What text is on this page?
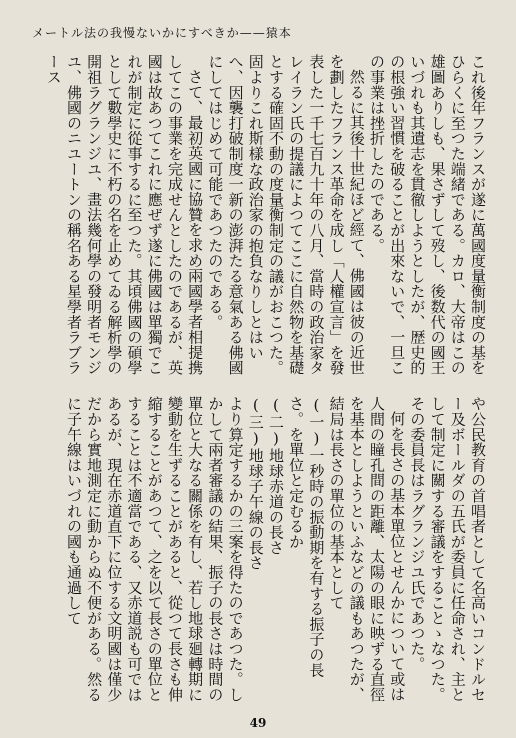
メートル法の我慢ないかにすべきか——猿本

これ後年フランスが遂に萬國度量衡制度の基をひらくに至つた端緒である。カロ、大帝はこの雄圖ありしも、果さずして歿し、後数代の國王いづれも其遺志を貫徹しようとしたが、歴史的の根強い習慣を破ることが出來ないで、一旦この事業は挫折したのである。

然るに其後十世紀ほど經て、佛國は彼の近世を劃したフランス革命を成し「人權宣言」を發表した一千七百九十年の八月、當時の政治家タレイラン氏の提議によつてここに自然物を基礎とする確固不動の度量衡制定の議がおこつた。固よりこれ斯樣な政治家の抱負なりしとはいへ、因襲打破制度一新の澎湃たる意氣ある佛國にしてはじめて可能であつたのである。

さて、最初英國に協贊を求め兩國學者相提携してこの事業を完成せんとしたのであるが、英國は故あつてこれに應ぜず遂に佛國は單獨でこれが制定に從事するに至つた。其頃佛國の碩學として數學史に不朽の名を止めてゐる解析學の開祖ラグランジユ、畫法幾何學の發明者モンジユ、佛國のニユートンの稱名ある星學者ラブラース

や公民教育の首唱者として名高いコンドルセー及ボールダの五氏が委員に任命され、主として制定に關する審議をすることゝなつた。その委員長はラグランジユ氏であつた。

何を長さの基本單位とせんかについて或は人間の瞳孔間の距離、太陽の眼に映ずる直徑を基本としようといふなどの議もあつたが、結局は長さの單位の基本として

(一)一秒時の振動期を有する振子の長さ。を單位と定むるか

(二)地球赤道の長さ

(三)地球子午線の長さ

より算定するかの三案を得たのであつた。しかして兩者審議の結果、振子の長さは時間の單位と大なる關係を有し、若し地球廻轉期に變動を生ずることがあると、從つて長さも伸縮することがあつて、之を以て長さの單位とすることは不適當である、又赤道説も可ではあるが、現在赤道直下に位する文明國は僅少だから實地測定に動からぬ不便がある。然るに子午線はいづれの國も通過して

49
